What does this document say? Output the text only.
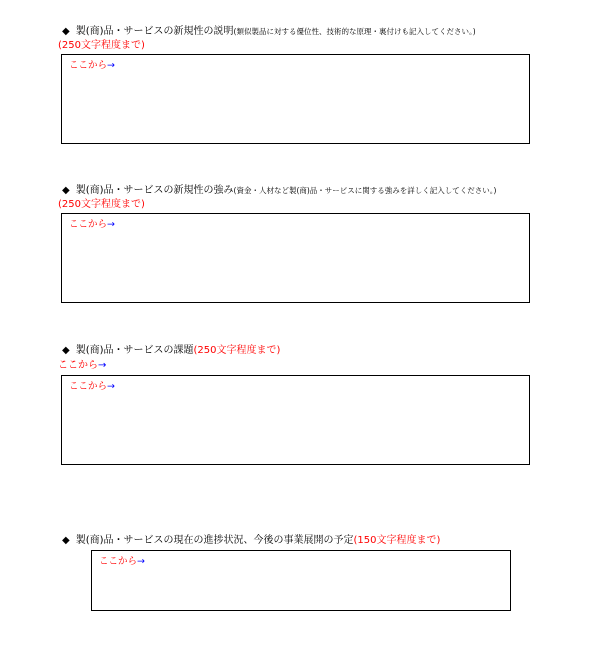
◆ 製(商)品・サービスの新規性の説明(類似製品に対する優位性、技術的な原理・裏付けも記入してください。)
(250文字程度まで)
ここから→
◆ 製(商)品・サービスの新規性の強み(資金・人材など製(商)品・サービスに関する強みを詳しく記入してください。)
(250文字程度まで)
ここから→
◆ 製(商)品・サービスの課題(250文字程度まで)
ここから→
ここから→
◆ 製(商)品・サービスの現在の進捗状況、今後の事業展開の予定(150文字程度まで)
ここから→
